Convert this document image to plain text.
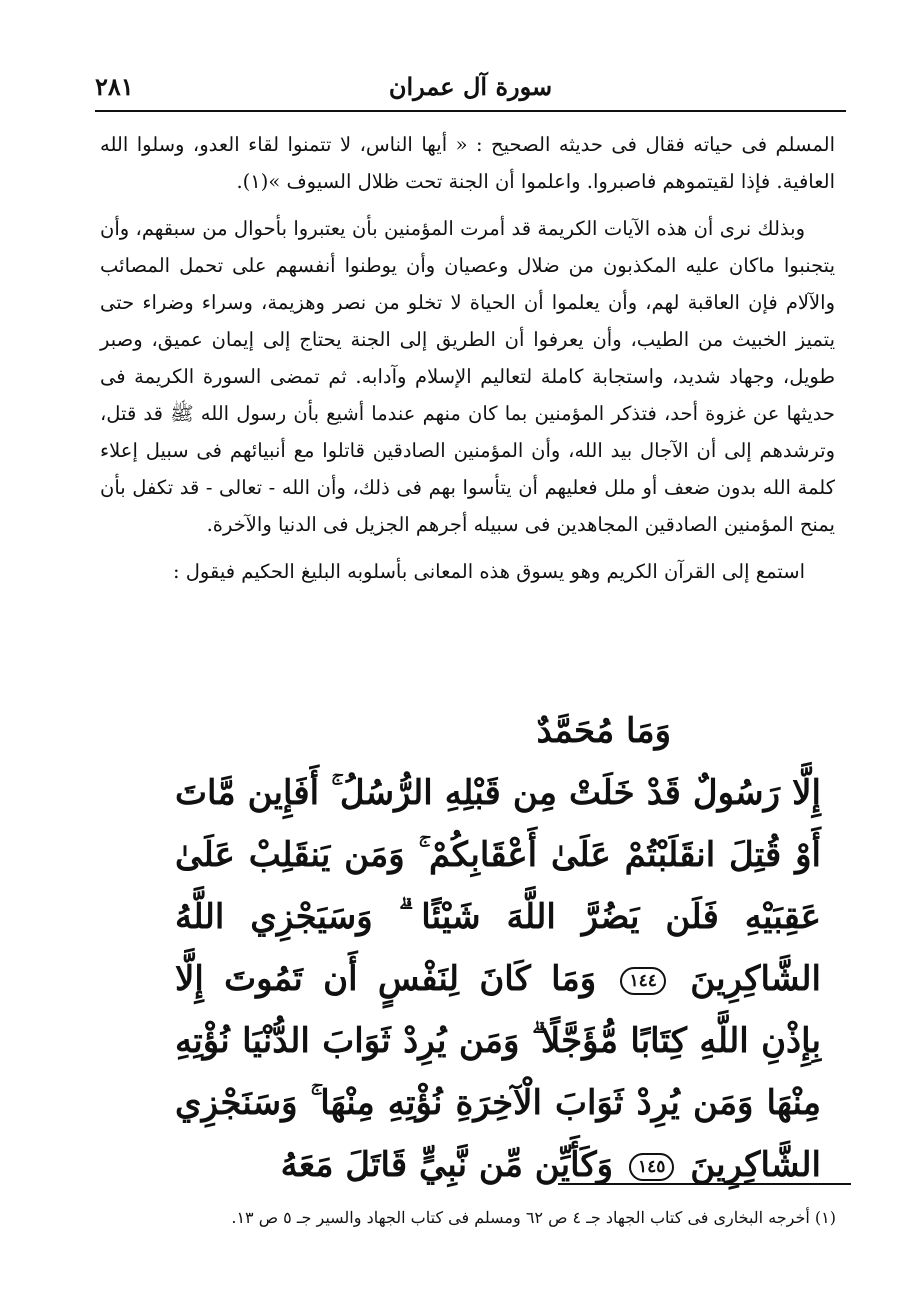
سورة آل عمران
٢٨١

المسلم فى حياته فقال فى حديثه الصحيح : « أيها الناس، لا تتمنوا لقاء العدو، وسلوا الله العافية. فإذا لقيتموهم فاصبروا. واعلموا أن الجنة تحت ظلال السيوف »(١).

وبذلك نرى أن هذه الآيات الكريمة قد أمرت المؤمنين بأن يعتبروا بأحوال من سبقهم، وأن يتجنبوا ماكان عليه المكذبون من ضلال وعصيان وأن يوطنوا أنفسهم على تحمل المصائب والآلام فإن العاقبة لهم، وأن يعلموا أن الحياة لا تخلو من نصر وهزيمة، وسراء وضراء حتى يتميز الخبيث من الطيب، وأن يعرفوا أن الطريق إلى الجنة يحتاج إلى إيمان عميق، وصبر طويل، وجهاد شديد، واستجابة كاملة لتعاليم الإسلام وآدابه. ثم تمضى السورة الكريمة فى حديثها عن غزوة أحد، فتذكر المؤمنين بما كان منهم عندما أشيع بأن رسول الله ﷺ قد قتل، وترشدهم إلى أن الآجال بيد الله، وأن المؤمنين الصادقين قاتلوا مع أنبيائهم فى سبيل إعلاء كلمة الله بدون ضعف أو ملل فعليهم أن يتأسوا بهم فى ذلك، وأن الله - تعالى - قد تكفل بأن يمنح المؤمنين الصادقين المجاهدين فى سبيله أجرهم الجزيل فى الدنيا والآخرة.

استمع إلى القرآن الكريم وهو يسوق هذه المعانى بأسلوبه البليغ الحكيم فيقول :

وَمَا مُحَمَّدٌ
إِلَّا رَسُولٌ قَدْ خَلَتْ مِن قَبْلِهِ الرُّسُلُ ۚ أَفَإِين مَّاتَ أَوْ قُتِلَ انقَلَبْتُمْ عَلَىٰ أَعْقَابِكُمْ ۚ وَمَن يَنقَلِبْ عَلَىٰ عَقِبَيْهِ فَلَن يَضُرَّ اللَّهَ شَيْئًا ۗ وَسَيَجْزِي اللَّهُ الشَّاكِرِينَ ١٤٤ وَمَا كَانَ لِنَفْسٍ أَن تَمُوتَ إِلَّا بِإِذْنِ اللَّهِ كِتَابًا مُّؤَجَّلًا ۗ وَمَن يُرِدْ ثَوَابَ الدُّنْيَا نُؤْتِهِ مِنْهَا وَمَن يُرِدْ ثَوَابَ الْآخِرَةِ نُؤْتِهِ مِنْهَا ۚ وَسَنَجْزِي الشَّاكِرِينَ ١٤٥ وَكَأَيِّن مِّن نَّبِيٍّ قَاتَلَ مَعَهُ
(١) أخرجه البخارى فى كتاب الجهاد جـ ٤ ص ٦٢ ومسلم فى كتاب الجهاد والسير جـ ٥ ص ١٣.
